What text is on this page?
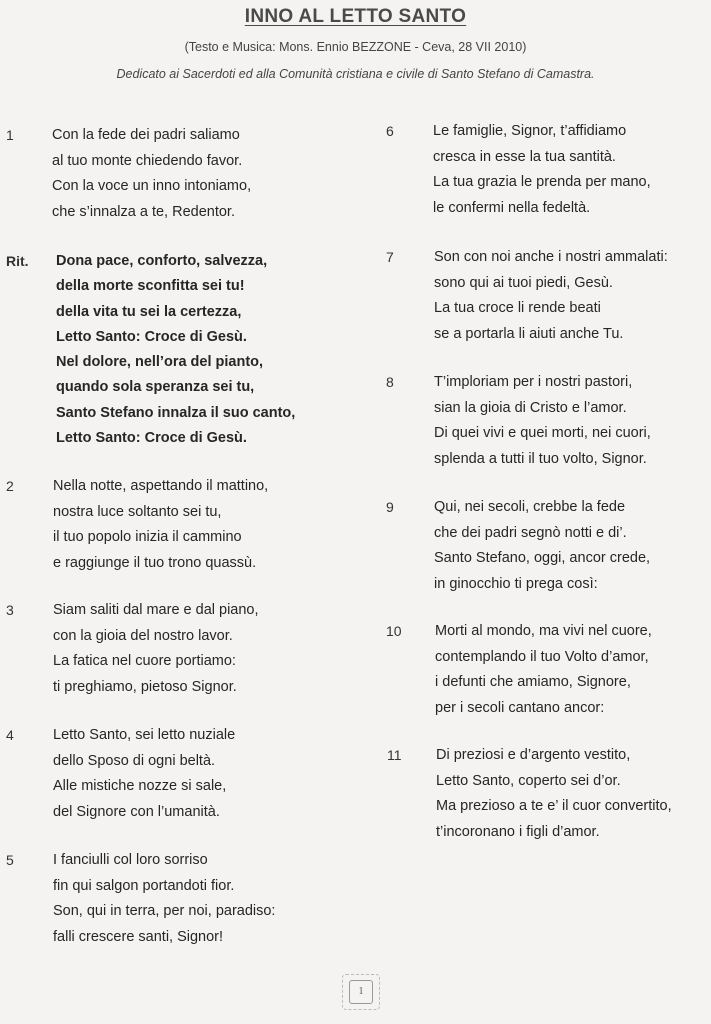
INNO AL LETTO SANTO
(Testo e Musica: Mons. Ennio BEZZONE - Ceva, 28 VII 2010)
Dedicato ai Sacerdoti ed alla Comunità cristiana e civile di Santo Stefano di Camastra.
1	Con la fede dei padri saliamo
al tuo monte chiedendo favor.
Con la voce un inno intoniamo,
che s’innalza a te, Redentor.
Rit. Dona pace, conforto, salvezza,
della morte sconfitta sei tu!
della vita tu sei la certezza,
Letto Santo: Croce di Gesù.
Nel dolore, nell’ora del pianto,
quando sola speranza sei tu,
Santo Stefano innalza il suo canto,
Letto Santo: Croce di Gesù.
2	Nella notte, aspettando il mattino,
nostra luce soltanto sei tu,
il tuo popolo inizia il cammino
e raggiunge il tuo trono quassù.
3	Siam saliti dal mare e dal piano,
con la gioia del nostro lavor.
La fatica nel cuore portiamo:
ti preghiamo, pietoso Signor.
4	Letto Santo, sei letto nuziale
dello Sposo di ogni beltà.
Alle mistiche nozze si sale,
del Signore con l’umanità.
5	I fanciulli col loro sorriso
fin qui salgon portandoti fior.
Son, qui in terra, per noi, paradiso:
falli crescere santi, Signor!
6	Le famiglie, Signor, t’affidiamo
cresca in esse la tua santità.
La tua grazia le prenda per mano,
le confermi nella fedeltà.
7	Son con noi anche i nostri ammalati:
sono qui ai tuoi piedi, Gesù.
La tua croce li rende beati
se a portarla li aiuti anche Tu.
8	T’imploriam per i nostri pastori,
sian la gioia di Cristo e l’amor.
Di quei vivi e quei morti, nei cuori,
splenda a tutti il tuo volto, Signor.
9	Qui, nei secoli, crebbe la fede
che dei padri segnò notti e di’.
Santo Stefano, oggi, ancor crede,
in ginocchio ti prega così:
10 Morti al mondo, ma vivi nel cuore,
contemplando il tuo Volto d’amor,
i defunti che amiamo, Signore,
per i secoli cantano ancor:
11 Di preziosi e d’argento vestito,
Letto Santo, coperto sei d’or.
Ma prezioso a te e’ il cuor convertito,
t’incoronano i figli d’amor.
1
